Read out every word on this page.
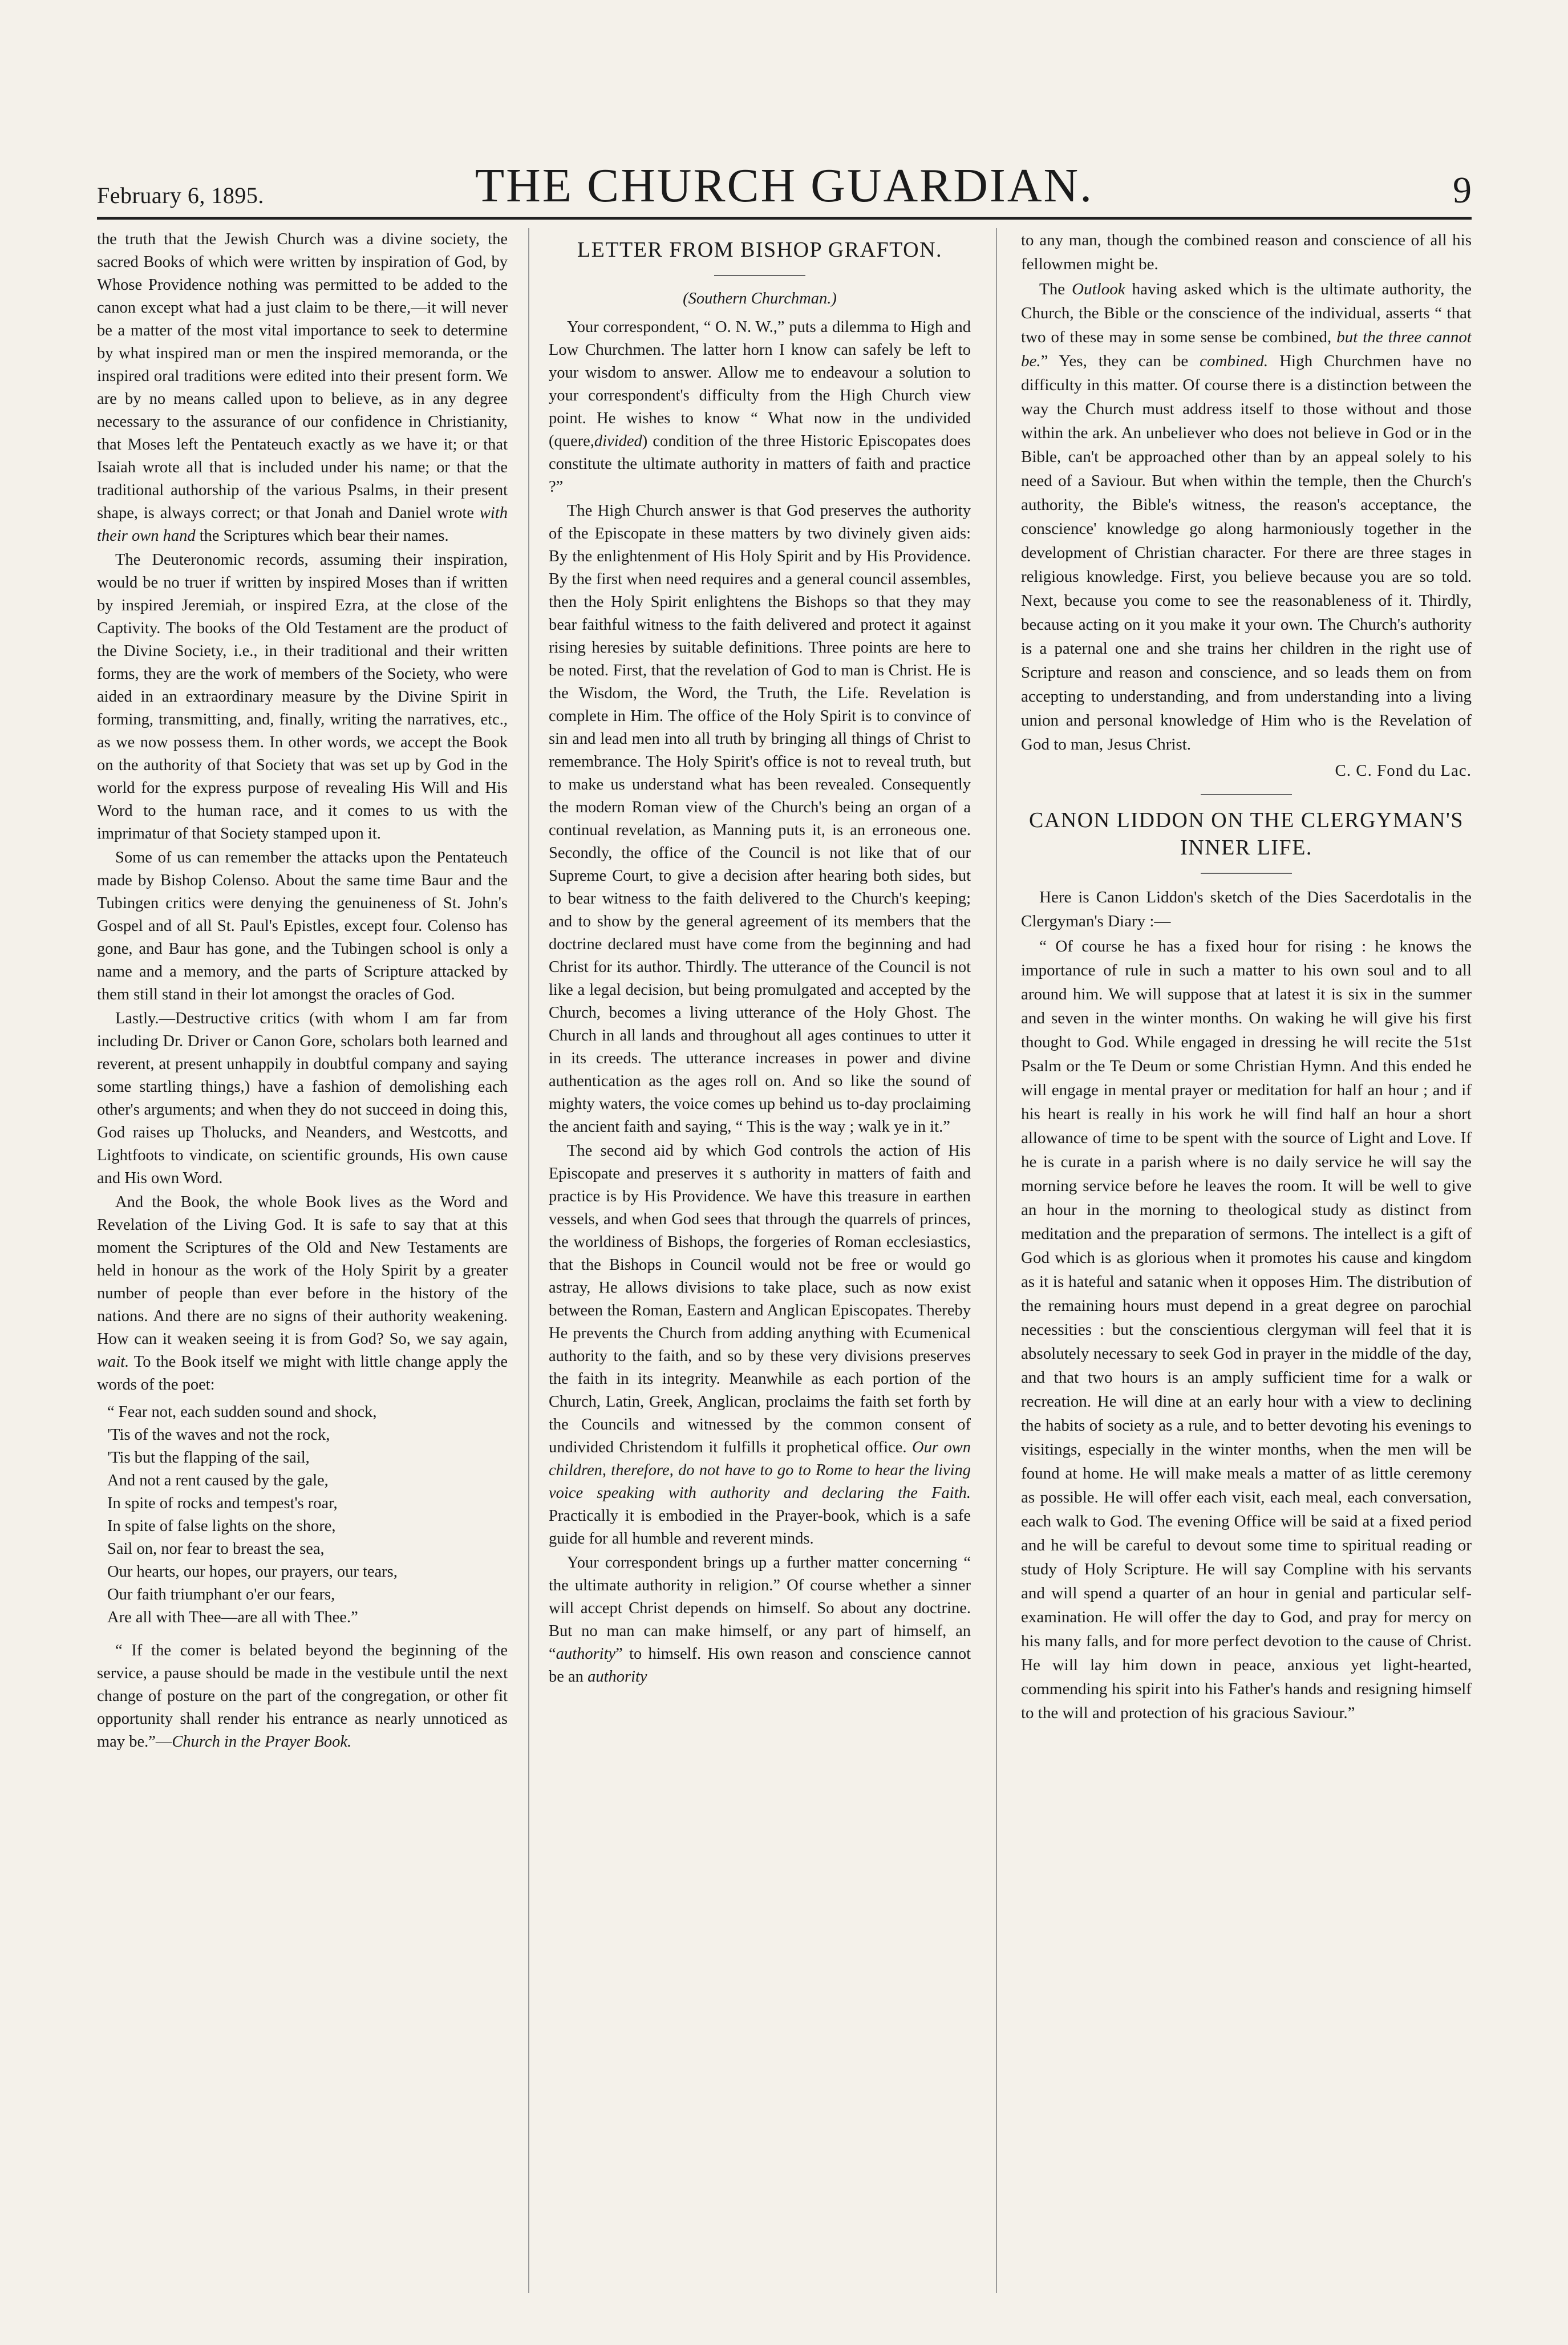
February 6, 1895.	THE CHURCH GUARDIAN.	9

the truth that the Jewish Church was a divine society, the sacred Books of which were written by inspiration of God, by Whose Providence nothing was permitted to be added to the canon except what had a just claim to be there,—it will never be a matter of the most vital importance to seek to determine by what inspired man or men the inspired memoranda, or the inspired oral traditions were edited into their present form. We are by no means called upon to believe, as in any degree necessary to the assurance of our confidence in Christianity, that Moses left the Pentateuch exactly as we have it; or that Isaiah wrote all that is included under his name; or that the traditional authorship of the various Psalms, in their present shape, is always correct; or that Jonah and Daniel wrote with their own hand the Scriptures which bear their names.

The Deuteronomic records, assuming their inspiration, would be no truer if written by inspired Moses than if written by inspired Jeremiah, or inspired Ezra, at the close of the Captivity. The books of the Old Testament are the product of the Divine Society, i.e., in their traditional and their written forms, they are the work of members of the Society, who were aided in an extraordinary measure by the Divine Spirit in forming, transmitting, and, finally, writing the narratives, etc., as we now possess them. In other words, we accept the Book on the authority of that Society that was set up by God in the world for the express purpose of revealing His Will and His Word to the human race, and it comes to us with the imprimatur of that Society stamped upon it.

Some of us can remember the attacks upon the Pentateuch made by Bishop Colenso. About the same time Baur and the Tubingen critics were denying the genuineness of St. John's Gospel and of all St. Paul's Epistles, except four. Colenso has gone, and Baur has gone, and the Tubingen school is only a name and a memory, and the parts of Scripture attacked by them still stand in their lot amongst the oracles of God.

Lastly.—Destructive critics (with whom I am far from including Dr. Driver or Canon Gore, scholars both learned and reverent, at present unhappily in doubtful company and saying some startling things,) have a fashion of demolishing each other's arguments; and when they do not succeed in doing this, God raises up Tholucks, and Neanders, and Westcotts, and Lightfoots to vindicate, on scientific grounds, His own cause and His own Word.

And the Book, the whole Book lives as the Word and Revelation of the Living God. It is safe to say that at this moment the Scriptures of the Old and New Testaments are held in honour as the work of the Holy Spirit by a greater number of people than ever before in the history of the nations. And there are no signs of their authority weakening. How can it weaken seeing it is from God? So, we say again, wait. To the Book itself we might with little change apply the words of the poet:

“ Fear not, each sudden sound and shock,
'Tis of the waves and not the rock,
'Tis but the flapping of the sail,
And not a rent caused by the gale,
In spite of rocks and tempest's roar,
In spite of false lights on the shore,
Sail on, nor fear to breast the sea,
Our hearts, our hopes, our prayers, our tears,
Our faith triumphant o'er our fears,
Are all with Thee—are all with Thee.”

“ If the comer is belated beyond the beginning of the service, a pause should be made in the vestibule until the next change of posture on the part of the congregation, or other fit opportunity shall render his entrance as nearly unnoticed as may be.”—Church in the Prayer Book.

LETTER FROM BISHOP GRAFTON.

(Southern Churchman.)

Your correspondent, “ O. N. W.,” puts a dilemma to High and Low Churchmen. The latter horn I know can safely be left to your wisdom to answer. Allow me to endeavour a solution to your correspondent's difficulty from the High Church view point. He wishes to know “ What now in the undivided (quere,divided) condition of the three Historic Episcopates does constitute the ultimate authority in matters of faith and practice ?”

The High Church answer is that God preserves the authority of the Episcopate in these matters by two divinely given aids: By the enlightenment of His Holy Spirit and by His Providence. By the first when need requires and a general council assembles, then the Holy Spirit enlightens the Bishops so that they may bear faithful witness to the faith delivered and protect it against rising heresies by suitable definitions. Three points are here to be noted. First, that the revelation of God to man is Christ. He is the Wisdom, the Word, the Truth, the Life. Revelation is complete in Him. The office of the Holy Spirit is to convince of sin and lead men into all truth by bringing all things of Christ to remembrance. The Holy Spirit's office is not to reveal truth, but to make us understand what has been revealed. Consequently the modern Roman view of the Church's being an organ of a continual revelation, as Manning puts it, is an erroneous one. Secondly, the office of the Council is not like that of our Supreme Court, to give a decision after hearing both sides, but to bear witness to the faith delivered to the Church's keeping; and to show by the general agreement of its members that the doctrine declared must have come from the beginning and had Christ for its author. Thirdly. The utterance of the Council is not like a legal decision, but being promulgated and accepted by the Church, becomes a living utterance of the Holy Ghost. The Church in all lands and throughout all ages continues to utter it in its creeds. The utterance increases in power and divine authentication as the ages roll on. And so like the sound of mighty waters, the voice comes up behind us to-day proclaiming the ancient faith and saying, “ This is the way ; walk ye in it.”

The second aid by which God controls the action of His Episcopate and preserves it s authority in matters of faith and practice is by His Providence. We have this treasure in earthen vessels, and when God sees that through the quarrels of princes, the worldiness of Bishops, the forgeries of Roman ecclesiastics, that the Bishops in Council would not be free or would go astray, He allows divisions to take place, such as now exist between the Roman, Eastern and Anglican Episcopates. Thereby He prevents the Church from adding anything with Ecumenical authority to the faith, and so by these very divisions preserves the faith in its integrity. Meanwhile as each portion of the Church, Latin, Greek, Anglican, proclaims the faith set forth by the Councils and witnessed by the common consent of undivided Christendom it fulfills it prophetical office. Our own children, therefore, do not have to go to Rome to hear the living voice speaking with authority and declaring the Faith. Practically it is embodied in the Prayer-book, which is a safe guide for all humble and reverent minds.

Your correspondent brings up a further matter concerning “ the ultimate authority in religion.” Of course whether a sinner will accept Christ depends on himself. So about any doctrine. But no man can make himself, or any part of himself, an “authority” to himself. His own reason and conscience cannot be an authority

to any man, though the combined reason and conscience of all his fellowmen might be.

The Outlook having asked which is the ultimate authority, the Church, the Bible or the conscience of the individual, asserts “ that two of these may in some sense be combined, but the three cannot be.” Yes, they can be combined. High Churchmen have no difficulty in this matter. Of course there is a distinction between the way the Church must address itself to those without and those within the ark. An unbeliever who does not believe in God or in the Bible, can't be approached other than by an appeal solely to his need of a Saviour. But when within the temple, then the Church's authority, the Bible's witness, the reason's acceptance, the conscience' knowledge go along harmoniously together in the development of Christian character. For there are three stages in religious knowledge. First, you believe because you are so told. Next, because you come to see the reasonableness of it. Thirdly, because acting on it you make it your own. The Church's authority is a paternal one and she trains her children in the right use of Scripture and reason and conscience, and so leads them on from accepting to understanding, and from understanding into a living union and personal knowledge of Him who is the Revelation of God to man, Jesus Christ.

C. C. Fond du Lac.

CANON LIDDON ON THE CLERGYMAN'S INNER LIFE.

Here is Canon Liddon's sketch of the Dies Sacerdotalis in the Clergyman's Diary :—

“ Of course he has a fixed hour for rising : he knows the importance of rule in such a matter to his own soul and to all around him. We will suppose that at latest it is six in the summer and seven in the winter months. On waking he will give his first thought to God. While engaged in dressing he will recite the 51st Psalm or the Te Deum or some Christian Hymn. And this ended he will engage in mental prayer or meditation for half an hour ; and if his heart is really in his work he will find half an hour a short allowance of time to be spent with the source of Light and Love. If he is curate in a parish where is no daily service he will say the morning service before he leaves the room. It will be well to give an hour in the morning to theological study as distinct from meditation and the preparation of sermons. The intellect is a gift of God which is as glorious when it promotes his cause and kingdom as it is hateful and satanic when it opposes Him. The distribution of the remaining hours must depend in a great degree on parochial necessities : but the conscientious clergyman will feel that it is absolutely necessary to seek God in prayer in the middle of the day, and that two hours is an amply sufficient time for a walk or recreation. He will dine at an early hour with a view to declining the habits of society as a rule, and to better devoting his evenings to visitings, especially in the winter months, when the men will be found at home. He will make meals a matter of as little ceremony as possible. He will offer each visit, each meal, each conversation, each walk to God. The evening Office will be said at a fixed period and he will be careful to devout some time to spiritual reading or study of Holy Scripture. He will say Compline with his servants and will spend a quarter of an hour in genial and particular self-examination. He will offer the day to God, and pray for mercy on his many falls, and for more perfect devotion to the cause of Christ. He will lay him down in peace, anxious yet light-hearted, commending his spirit into his Father's hands and resigning himself to the will and protection of his gracious Saviour.”
